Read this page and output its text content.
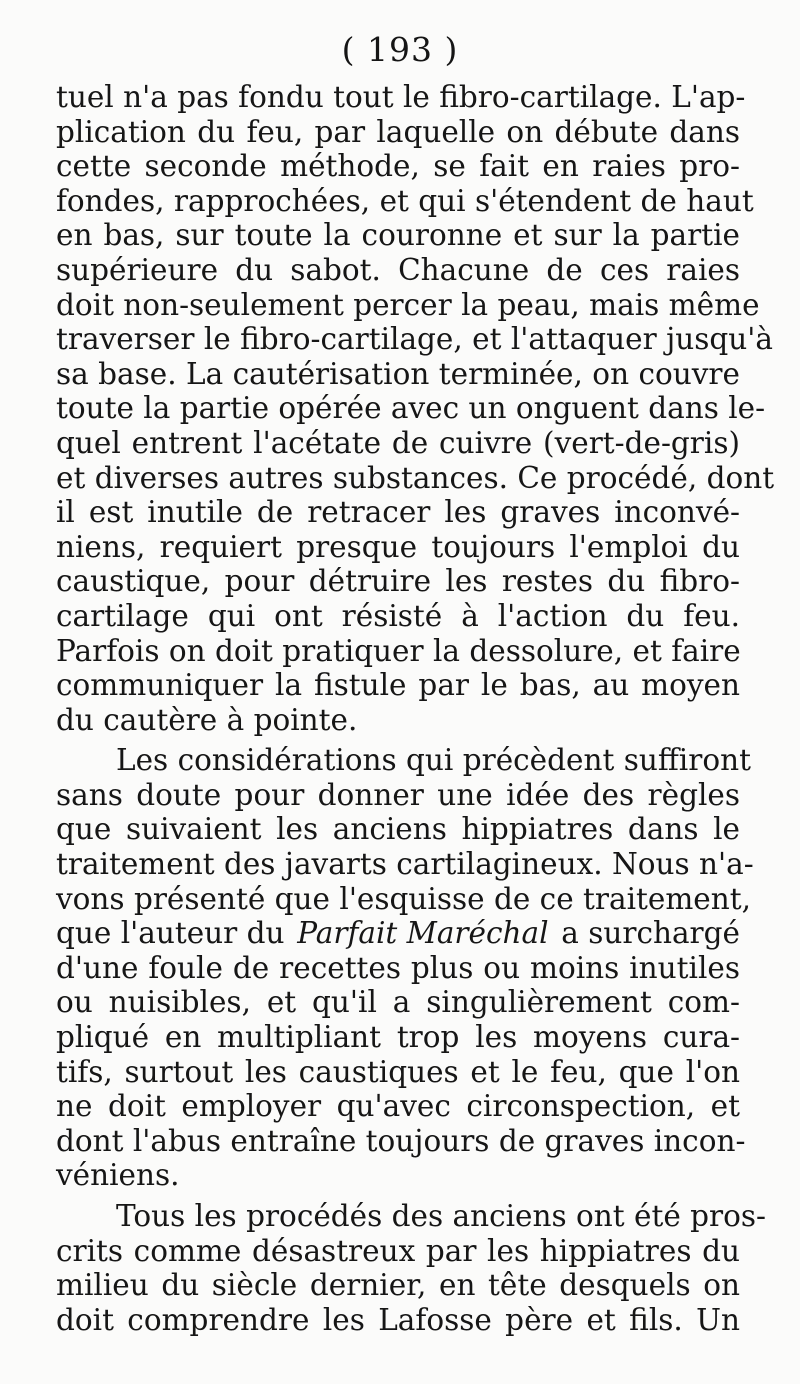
( 193 )
tuel n'a pas fondu tout le fibro-cartilage. L'ap-
plication du feu, par laquelle on débute dans
cette seconde méthode, se fait en raies pro-
fondes, rapprochées, et qui s'étendent de haut
en bas, sur toute la couronne et sur la partie
supérieure du sabot. Chacune de ces raies
doit non-seulement percer la peau, mais même
traverser le fibro-cartilage, et l'attaquer jusqu'à
sa base. La cautérisation terminée, on couvre
toute la partie opérée avec un onguent dans le-
quel entrent l'acétate de cuivre (vert-de-gris)
et diverses autres substances. Ce procédé, dont
il est inutile de retracer les graves inconvé-
niens, requiert presque toujours l'emploi du
caustique, pour détruire les restes du fibro-
cartilage qui ont résisté à l'action du feu.
Parfois on doit pratiquer la dessolure, et faire
communiquer la fistule par le bas, au moyen
du cautère à pointe.
Les considérations qui précèdent suffiront
sans doute pour donner une idée des règles
que suivaient les anciens hippiatres dans le
traitement des javarts cartilagineux. Nous n'a-
vons présenté que l'esquisse de ce traitement,
que l'auteur du Parfait Maréchal a surchargé
d'une foule de recettes plus ou moins inutiles
ou nuisibles, et qu'il a singulièrement com-
pliqué en multipliant trop les moyens cura-
tifs, surtout les caustiques et le feu, que l'on
ne doit employer qu'avec circonspection, et
dont l'abus entraîne toujours de graves incon-
véniens.
Tous les procédés des anciens ont été pros-
crits comme désastreux par les hippiatres du
milieu du siècle dernier, en tête desquels on
doit comprendre les Lafosse père et fils. Un
